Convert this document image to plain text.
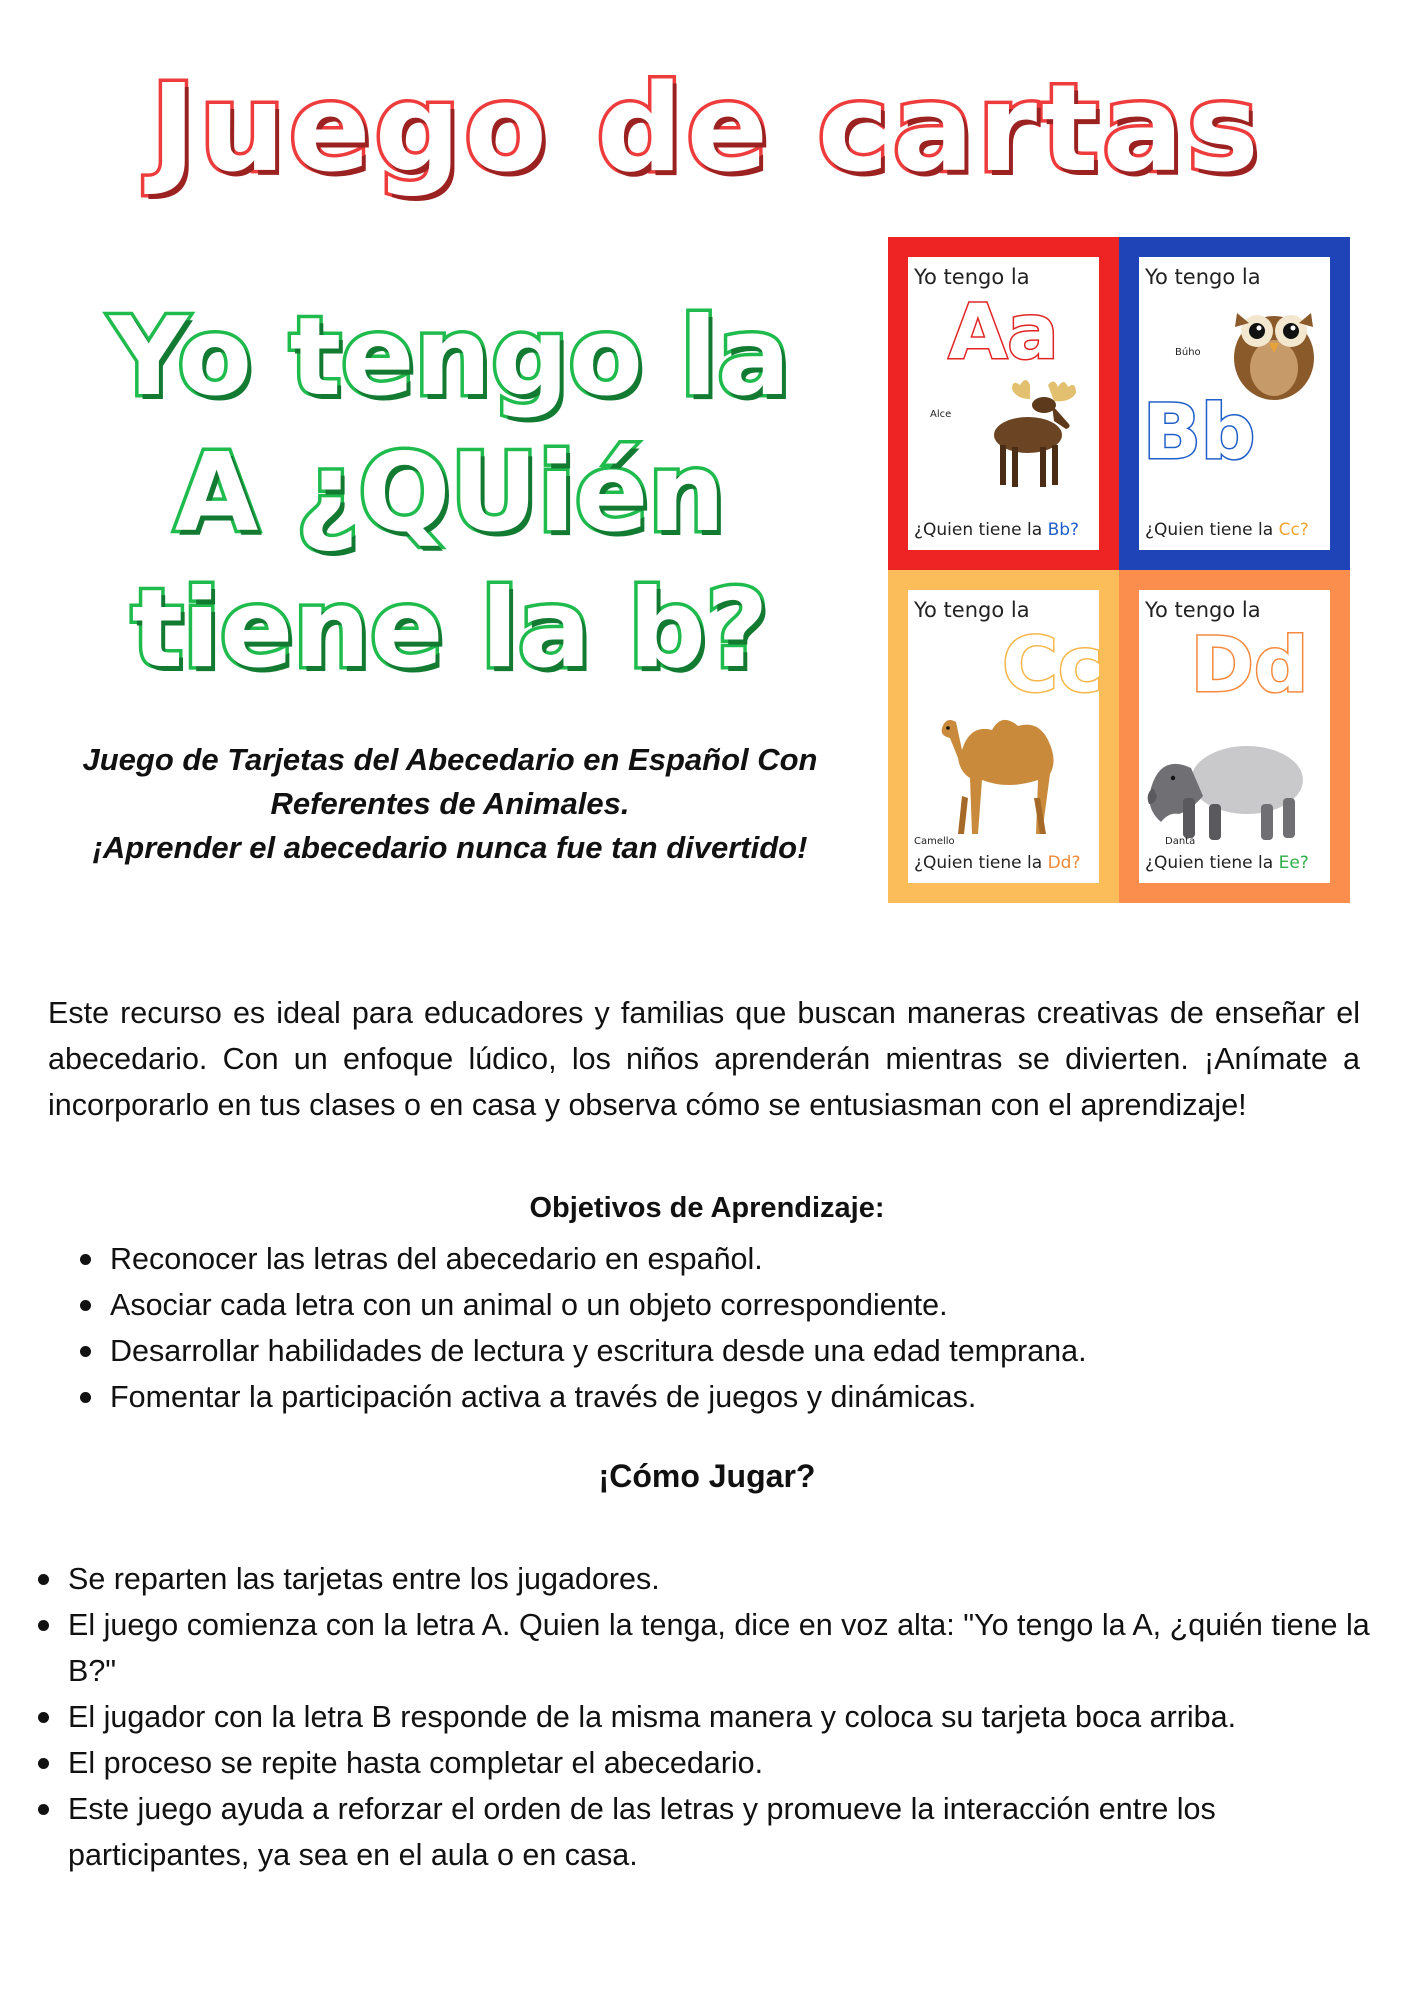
Juego de cartas
Yo tengo la
A ¿QUién
tiene la b?
Juego de Tarjetas del Abecedario en Español Con
Referentes de Animales.
¡Aprender el abecedario nunca fue tan divertido!
Yo tengo la
Aa
Alce
¿Quien tiene la Bb?
Yo tengo la
Búho
Bb
¿Quien tiene la Cc?
Yo tengo la
Cc
Camello
¿Quien tiene la Dd?
Yo tengo la
Dd
Danta
¿Quien tiene la Ee?
Este recurso es ideal para educadores y familias que buscan maneras creativas de enseñar el abecedario. Con un enfoque lúdico, los niños aprenderán mientras se divierten. ¡Anímate a incorporarlo en tus clases o en casa y observa cómo se entusiasman con el aprendizaje!
Objetivos de Aprendizaje:
Reconocer las letras del abecedario en español.
Asociar cada letra con un animal o un objeto correspondiente.
Desarrollar habilidades de lectura y escritura desde una edad temprana.
Fomentar la participación activa a través de juegos y dinámicas.
¡Cómo Jugar?
Se reparten las tarjetas entre los jugadores.
El juego comienza con la letra A. Quien la tenga, dice en voz alta: "Yo tengo la A, ¿quién tiene la B?"
El jugador con la letra B responde de la misma manera y coloca su tarjeta boca arriba.
El proceso se repite hasta completar el abecedario.
Este juego ayuda a reforzar el orden de las letras y promueve la interacción entre los participantes, ya sea en el aula o en casa.
